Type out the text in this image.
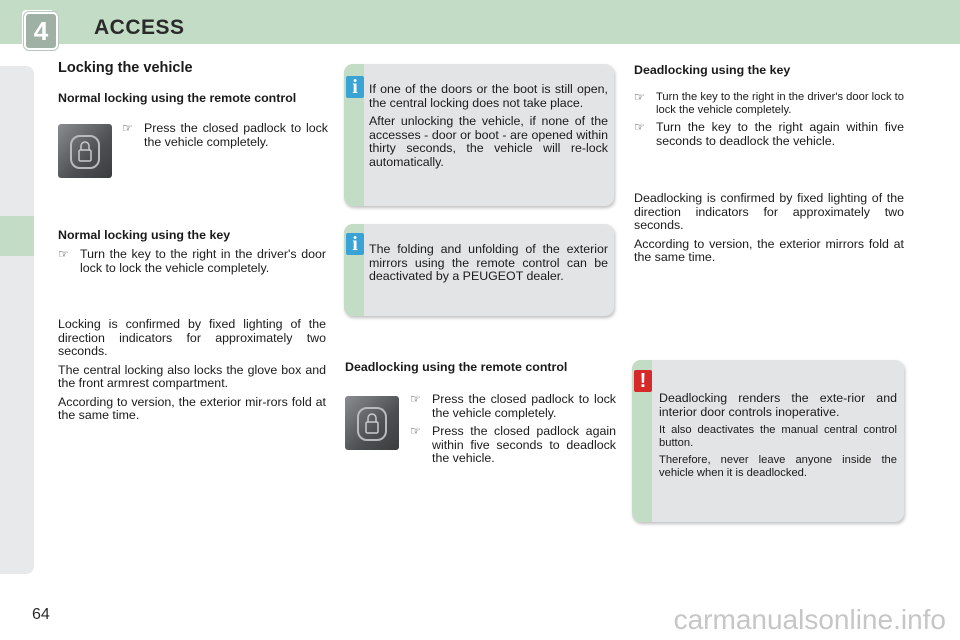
4	ACCESS
Locking the vehicle
Normal locking using the remote control
☞ Press the closed padlock to lock the vehicle completely.
Normal locking using the key
☞ Turn the key to the right in the driver's door lock to lock the vehicle completely.

Locking is confirmed by fixed lighting of the direction indicators for approximately two seconds.

The central locking also locks the glove box and the front armrest compartment.

According to version, the exterior mir-rors fold at the same time.

i If one of the doors or the boot is still open, the central locking does not take place.

After unlocking the vehicle, if none of the accesses - door or boot - are opened within thirty seconds, the vehicle will re-lock automatically.

i The folding and unfolding of the exterior mirrors using the remote control can be deactivated by a PEUGEOT dealer.

Deadlocking using the remote control
☞ Press the closed padlock to lock the vehicle completely.
☞ Press the closed padlock again within five seconds to deadlock the vehicle.
Deadlocking using the key
☞	Turn the key to the right in the driver's door lock to lock the vehicle completely.
☞ Turn the key to the right again within five seconds to deadlock the vehicle.

Deadlocking is confirmed by fixed lighting of the direction indicators for approximately two seconds.

According to version, the exterior mirrors fold at the same time.

!

Deadlocking renders the exte-rior and interior door controls inoperative.

It also deactivates the manual central control button.

Therefore, never leave anyone inside the vehicle when it is deadlocked.

64	carmanualsonline.info
